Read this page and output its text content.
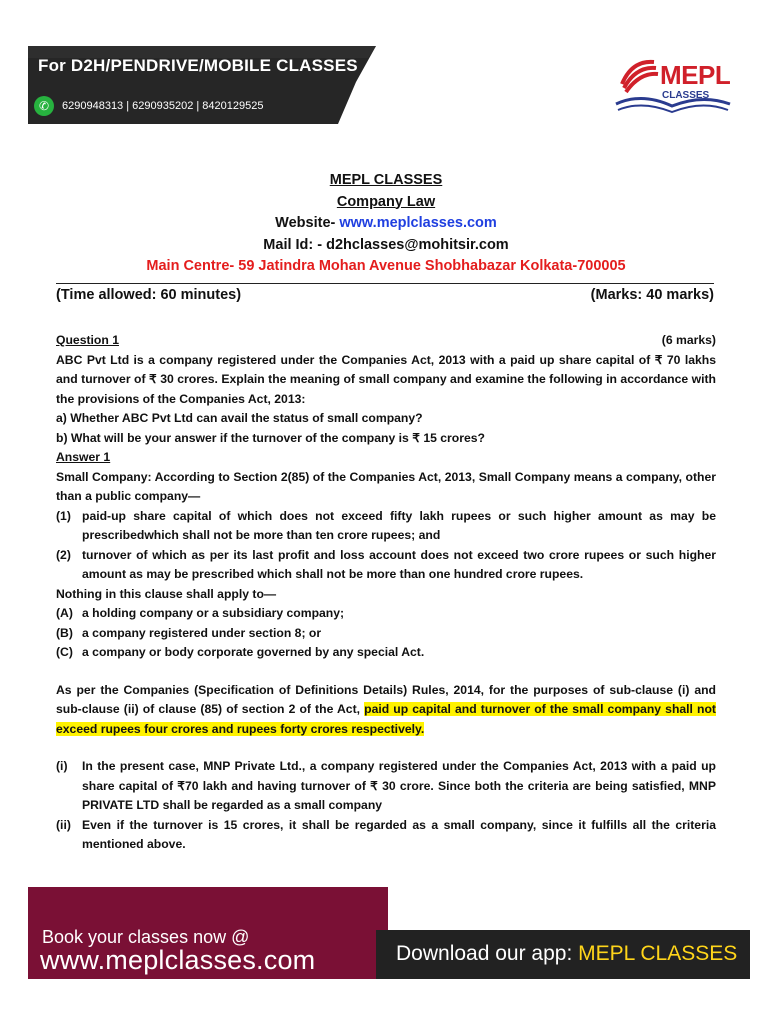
For D2H/PENDRIVE/MOBILE CLASSES
✆	6290948313 | 6290935202 | 8420129525
MEPL
CLASSES
MEPL CLASSES
Company Law
Website- www.meplclasses.com
Mail Id: - d2hclasses@mohitsir.com
Main Centre- 59 Jatindra Mohan Avenue Shobhabazar Kolkata-700005
(Time allowed: 60 minutes)	(Marks: 40 marks)
Question 1	(6 marks)
ABC Pvt Ltd is a company registered under the Companies Act, 2013 with a paid up share capital of ₹ 70 lakhs and turnover of ₹ 30 crores. Explain the meaning of small company and examine the following in accordance with the provisions of the Companies Act, 2013:
a) Whether ABC Pvt Ltd can avail the status of small company?
b) What will be your answer if the turnover of the company is ₹ 15 crores?
Answer 1
Small Company: According to Section 2(85) of the Companies Act, 2013, Small Company means a company, other than a public company—
(1) paid-up share capital of which does not exceed fifty lakh rupees or such higher amount as may be prescribedwhich shall not be more than ten crore rupees; and
(2) turnover of which as per its last profit and loss account does not exceed two crore rupees or such higher amount as may be prescribed which shall not be more than one hundred crore rupees.
Nothing in this clause shall apply to—
(A) a holding company or a subsidiary company;
(B) a company registered under section 8; or
(C) a company or body corporate governed by any special Act.
As per the Companies (Specification of Definitions Details) Rules, 2014, for the purposes of sub-clause (i) and sub-clause (ii) of clause (85) of section 2 of the Act, paid up capital and turnover of the small company shall not exceed rupees four crores and rupees forty crores respectively.
(i)	In the present case, MNP Private Ltd., a company registered under the Companies Act, 2013 with a paid up share capital of ₹70 lakh and having turnover of ₹ 30 crore. Since both the criteria are being satisfied, MNP PRIVATE LTD shall be regarded as a small company
(ii) Even if the turnover is 15 crores, it shall be regarded as a small company, since it fulfills all the criteria mentioned above.
Book your classes now @
www.meplclasses.com	Download our app: MEPL CLASSES
